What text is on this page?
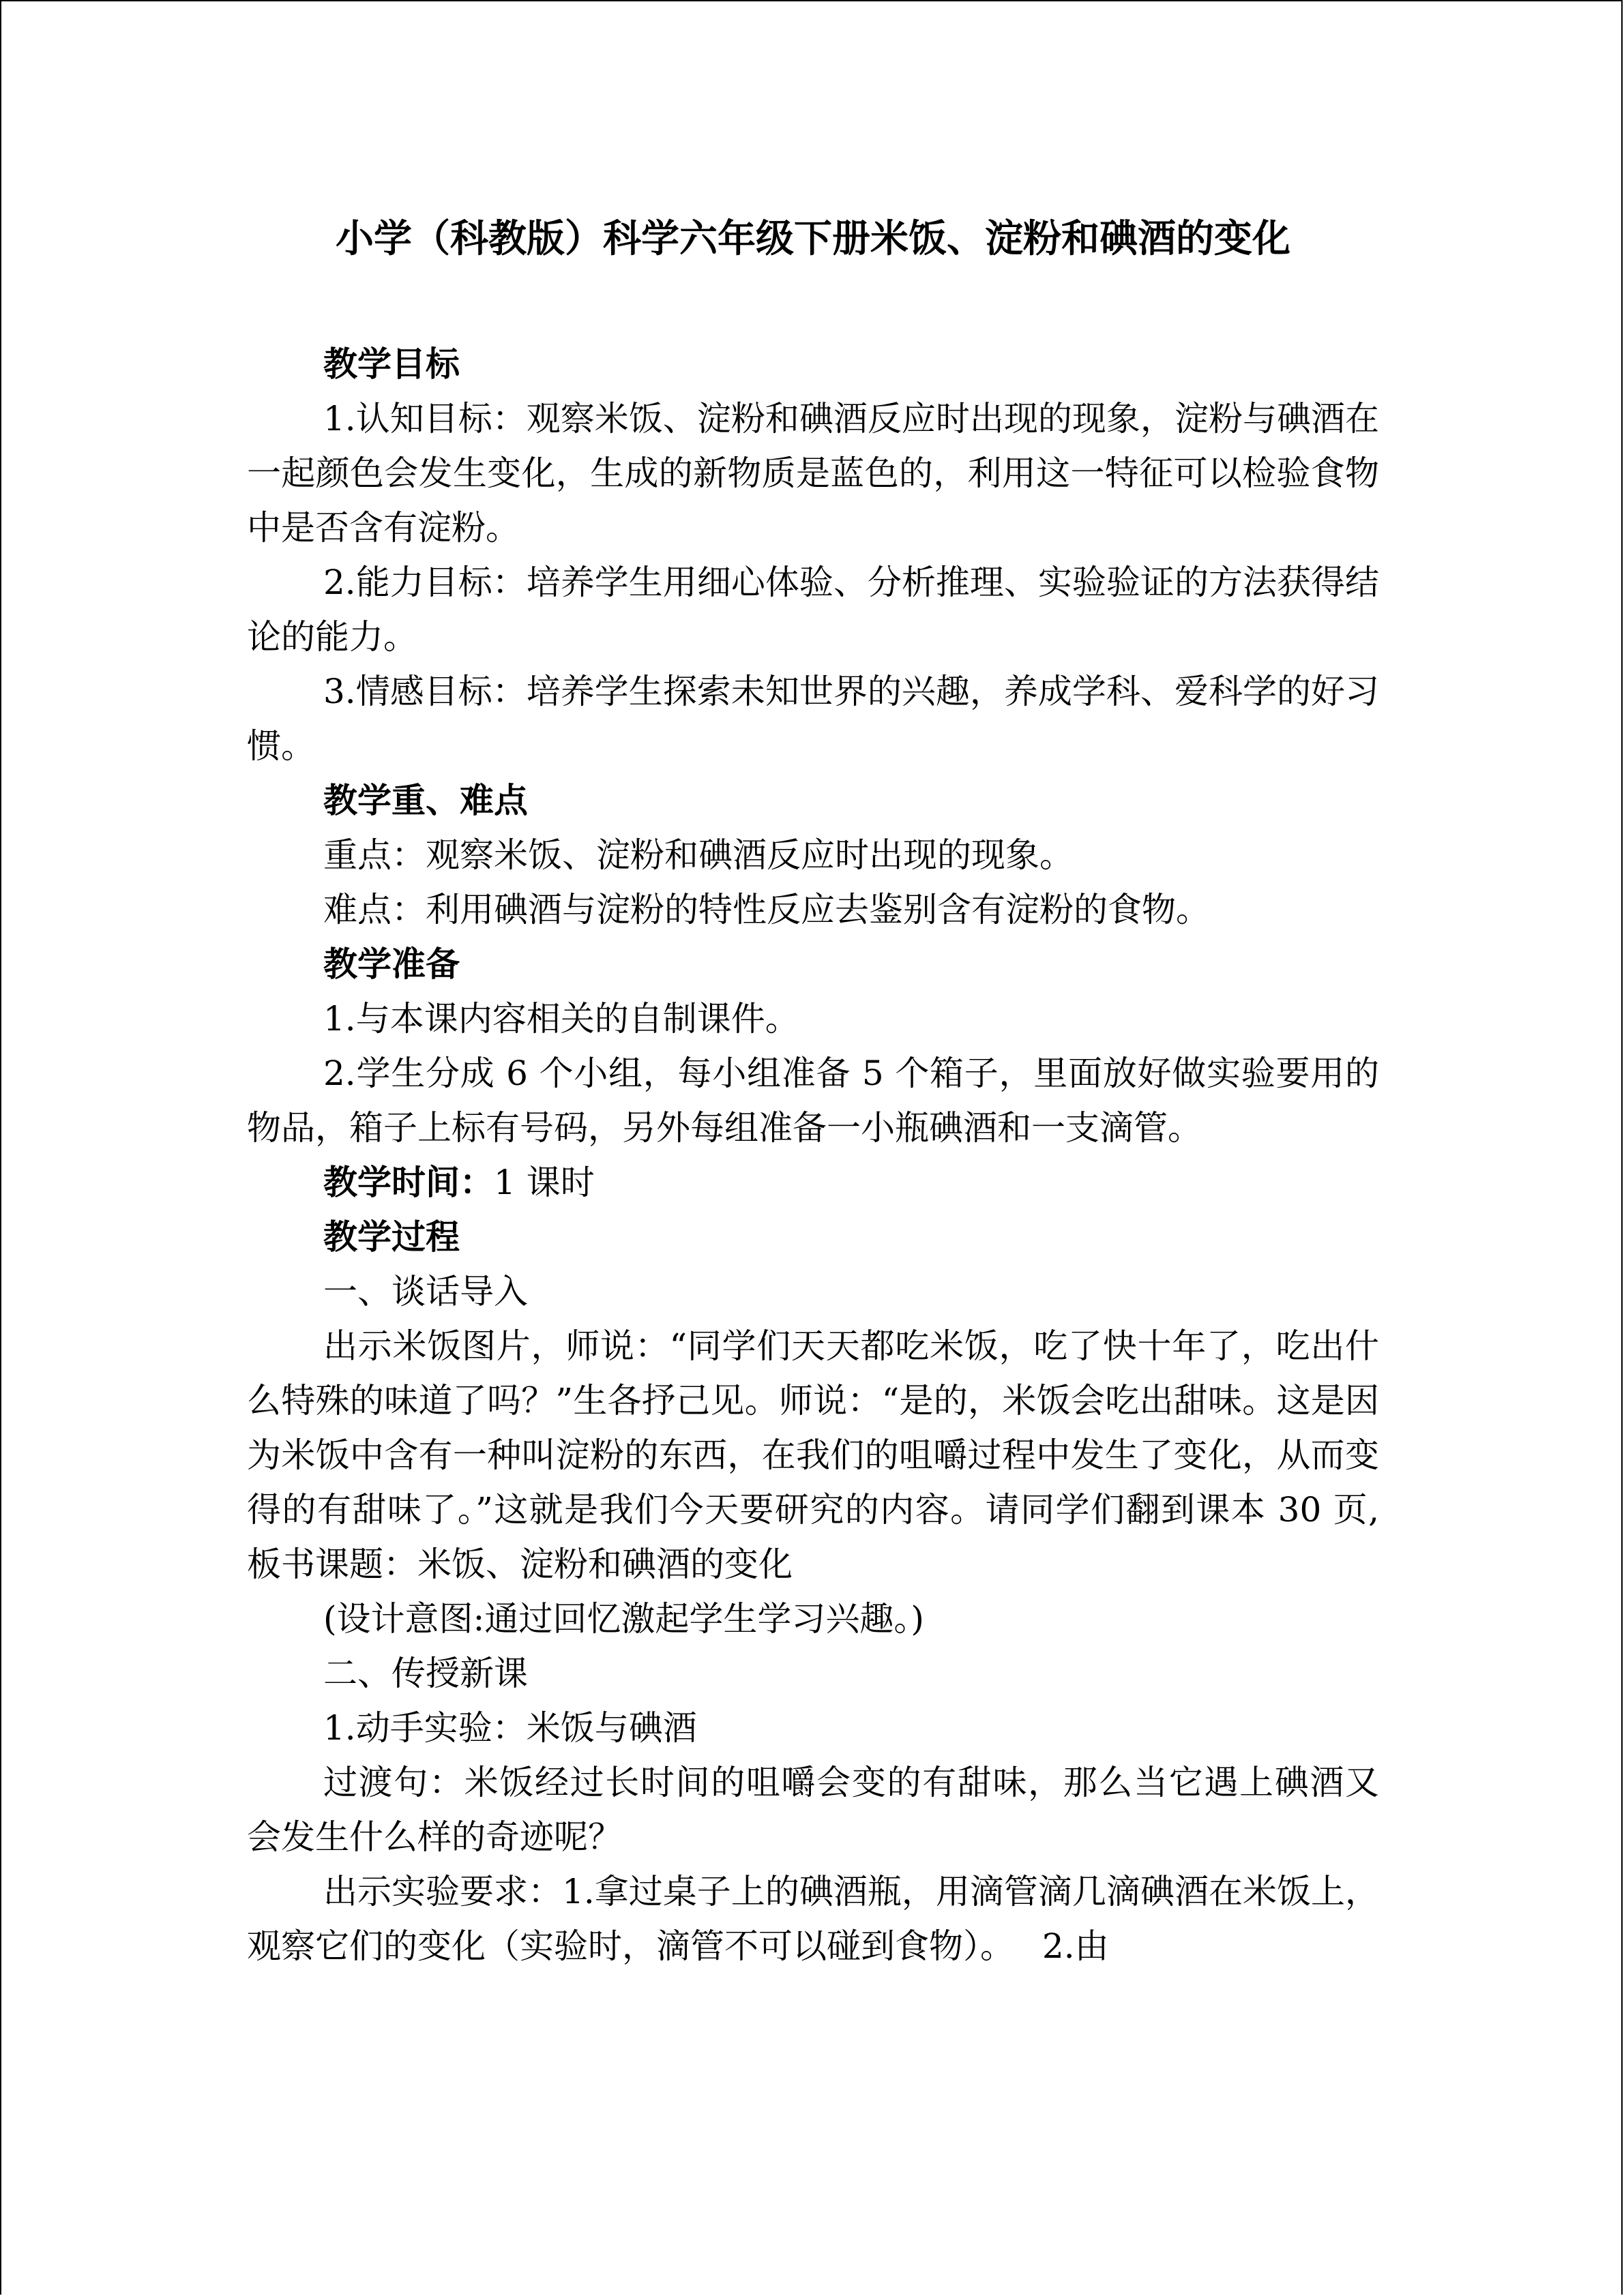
小学（科教版）科学六年级下册米饭、淀粉和碘酒的变化

教学目标

1.认知目标：观察米饭、淀粉和碘酒反应时出现的现象，淀粉与碘酒在一起颜色会发生变化，生成的新物质是蓝色的，利用这一特征可以检验食物中是否含有淀粉。

2.能力目标：培养学生用细心体验、分析推理、实验验证的方法获得结论的能力。

3.情感目标：培养学生探索未知世界的兴趣，养成学科、爱科学的好习惯。

教学重、难点

重点：观察米饭、淀粉和碘酒反应时出现的现象。

难点：利用碘酒与淀粉的特性反应去鉴别含有淀粉的食物。

教学准备

1.与本课内容相关的自制课件。

2.学生分成 6 个小组，每小组准备 5 个箱子，里面放好做实验要用的物品，箱子上标有号码，另外每组准备一小瓶碘酒和一支滴管。

教学时间：1 课时

教学过程

一、谈话导入

出示米饭图片，师说：“同学们天天都吃米饭，吃了快十年了，吃出什么特殊的味道了吗？”生各抒己见。师说：“是的，米饭会吃出甜味。这是因为米饭中含有一种叫淀粉的东西，在我们的咀嚼过程中发生了变化，从而变得的有甜味了。”这就是我们今天要研究的内容。请同学们翻到课本 30 页,板书课题：米饭、淀粉和碘酒的变化

(设计意图:通过回忆激起学生学习兴趣。)

二、传授新课

1.动手实验：米饭与碘酒

过渡句：米饭经过长时间的咀嚼会变的有甜味，那么当它遇上碘酒又会发生什么样的奇迹呢？

出示实验要求：1.拿过桌子上的碘酒瓶，用滴管滴几滴碘酒在米饭上，观察它们的变化（实验时，滴管不可以碰到食物）。　 2.由
